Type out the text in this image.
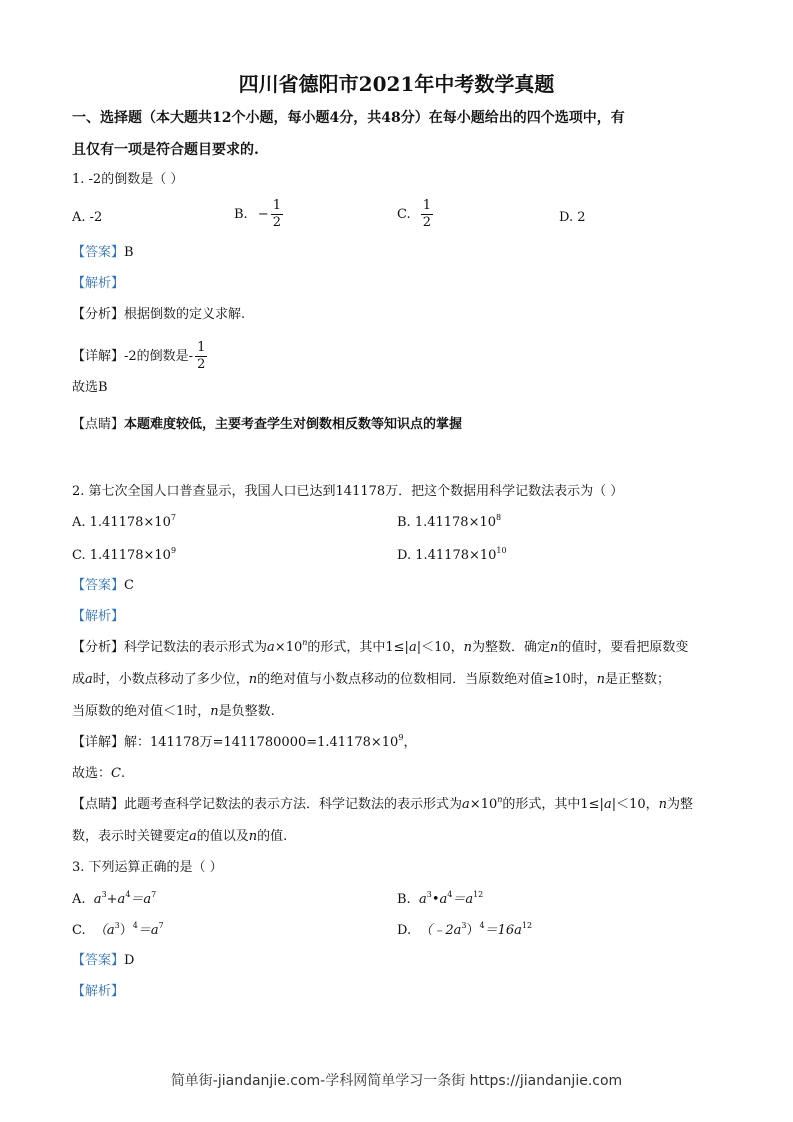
四川省德阳市2021年中考数学真题
一、选择题（本大题共12个小题，每小题4分，共48分）在每小题给出的四个选项中，有
且仅有一项是符合题目要求的.
1. -2的倒数是（ ）
A. -2	B. − $\frac{1}{2}$	C. $\frac{1}{2}$	D. 2
【答案】B
【解析】
【分析】根据倒数的定义求解.
【详解】-2的倒数是- $\frac{1}{2}$
故选B
【点睛】本题难度较低，主要考查学生对倒数相反数等知识点的掌握
2. 第七次全国人口普查显示，我国人口已达到141178万．把这个数据用科学记数法表示为（ ）
A. $1.41178\times 10^7$	B. $1.41178\times 10^8$
C. $1.41178\times 10^9$	D. $1.41178\times 10^{10}$
【答案】C
【解析】
【分析】科学记数法的表示形式为$a\times 10^n$的形式，其中1≤|a|＜10，n为整数．确定n的值时，要看把原数变
成a时，小数点移动了多少位，n的绝对值与小数点移动的位数相同．当原数绝对值≥10时，n是正整数；
当原数的绝对值＜1时，n是负整数.
【详解】解：141178万$=1411780000=1.41178\times 10^9$，
故选：C.
【点睛】此题考查科学记数法的表示方法．科学记数法的表示形式为$a\times 10^n$的形式，其中1≤|a|＜10，n为整
数，表示时关键要定a的值以及n的值.
3. 下列运算正确的是（ ）
A. $a^3+a^4=a^7$	B. $a^3•a^4=a^{12}$
C. $(a^3)^4=a^7$	D. $(﹣2a^3)^4=16a^{12}$
【答案】D
【解析】
简单街-jiandanjie.com-学科网简单学习一条街 https://jiandanjie.com
